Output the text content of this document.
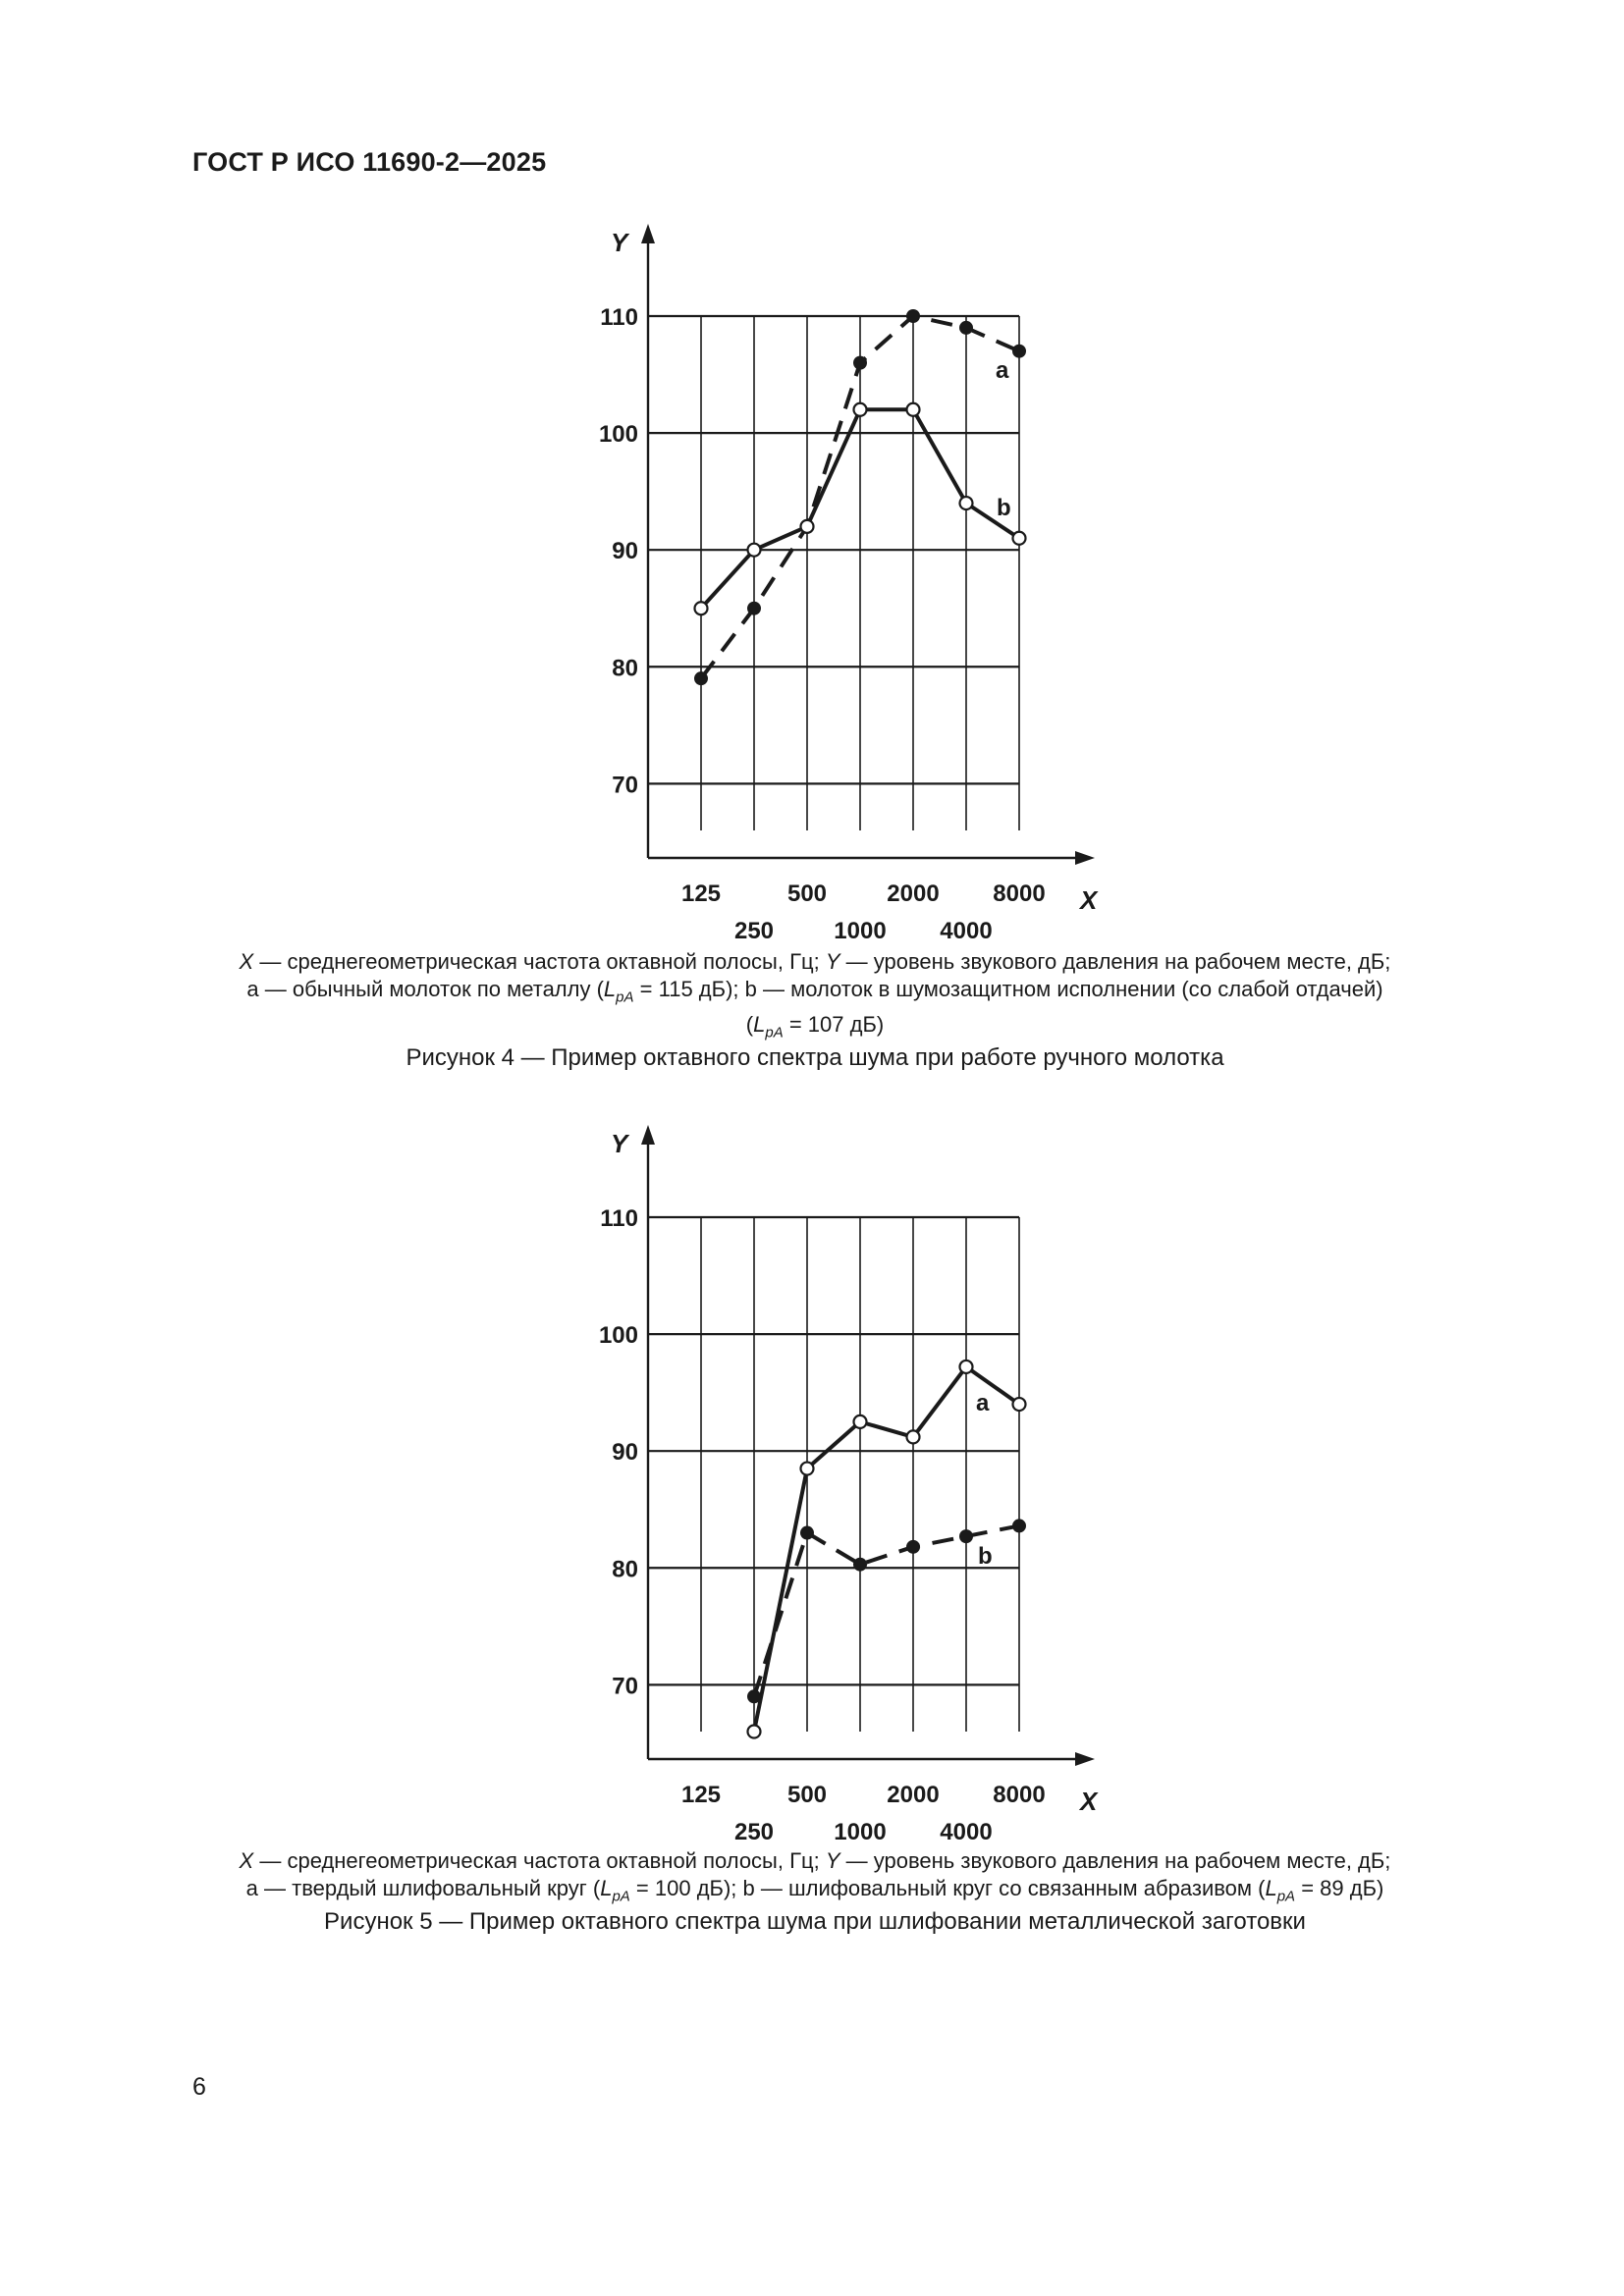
ГОСТ Р ИСО 11690-2—2025
Y
X
70
80
90
100
110
125	500	2000 8000
250	1000 4000
a
b
X — среднегеометрическая частота октавной полосы, Гц; Y — уровень звукового давления на рабочем месте, дБ;
a — обычный молоток по металлу ($L_{pA} = 115$ дБ); b — молоток в шумозащитном исполнении (со слабой отдачей)
($L_{pA} = 107$ дБ)
Рисунок 4 — Пример октавного спектра шума при работе ручного молотка
Y
X
70
80
90
100
110
125	500	2000 8000
250	1000 4000
a
b
X — среднегеометрическая частота октавной полосы, Гц; Y — уровень звукового давления на рабочем месте, дБ;
a — твердый шлифовальный круг ($L_{pA} = 100$ дБ); b — шлифовальный круг со связанным абразивом ($L_{pA} = 89$ дБ)
Рисунок 5 — Пример октавного спектра шума при шлифовании металлической заготовки
6
